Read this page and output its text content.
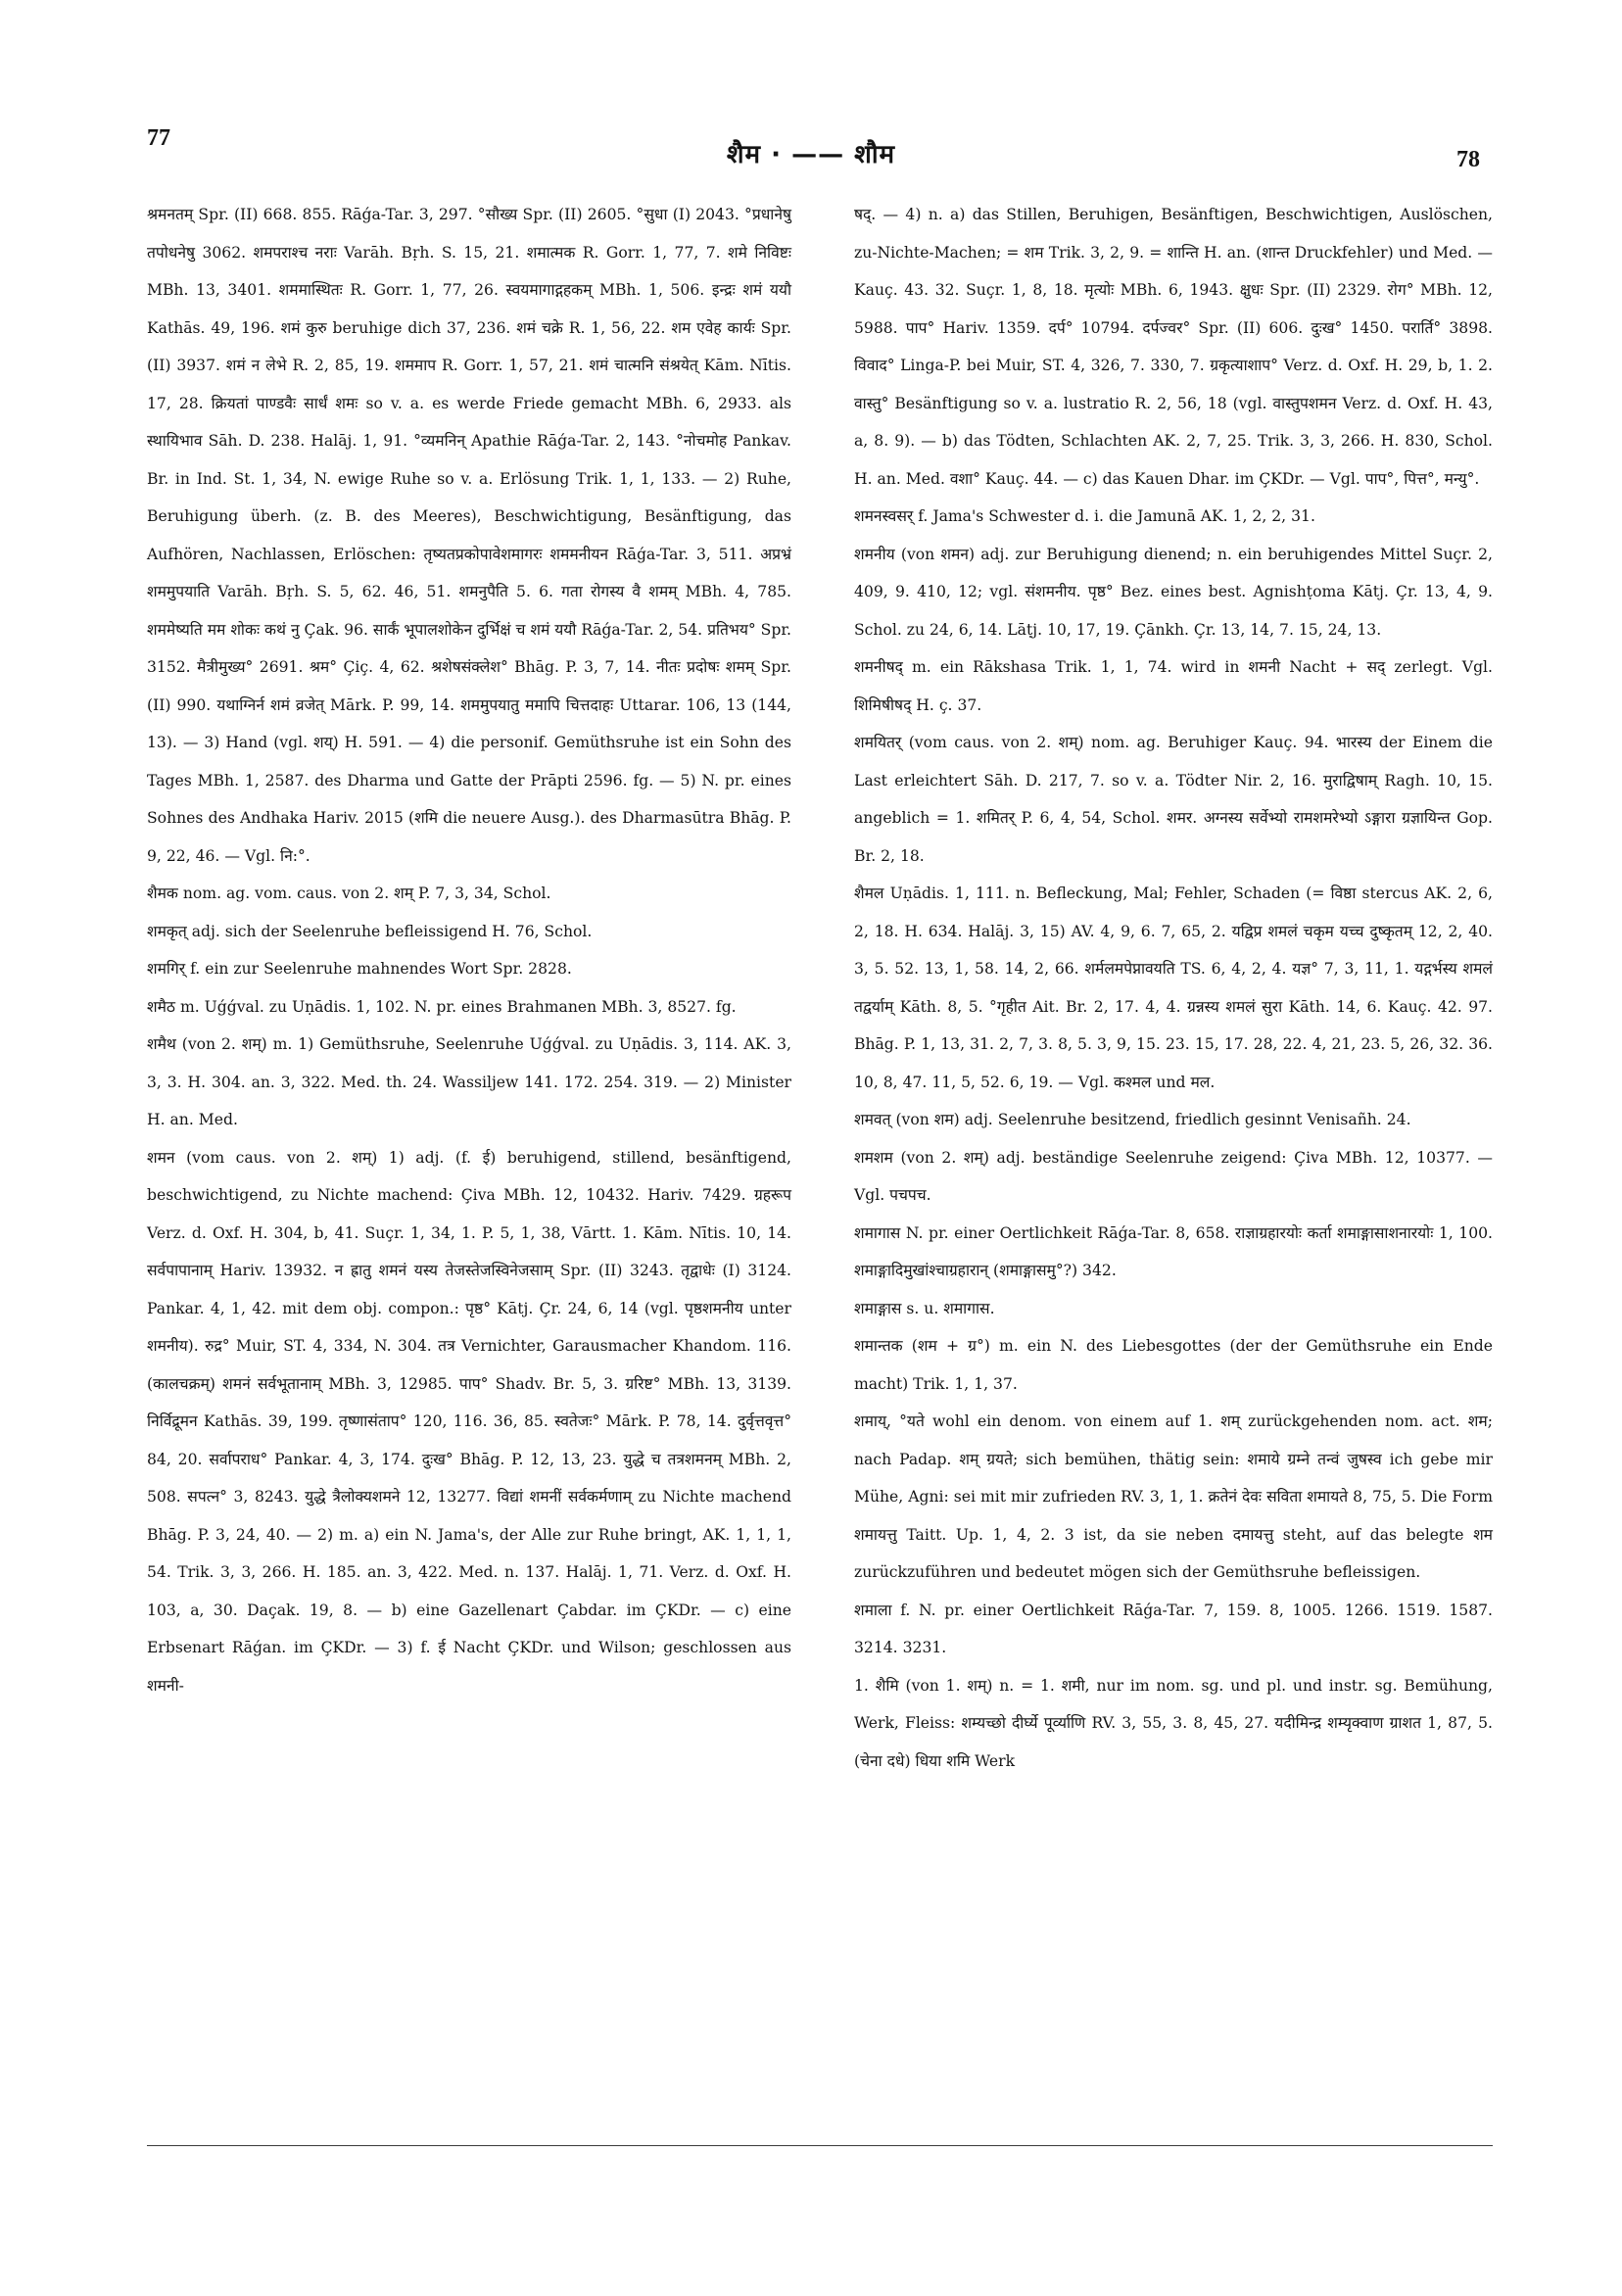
77
शैम · —— शौम	78

श्रमनतम् Spr. (II) 668. 855. Rāǵa-Tar. 3, 297. °सौख्य Spr. (II) 2605. °सुधा (I) 2043. °प्रधानेषु तपोधनेषु 3062. शमपराश्च नराः Varāh. Bṛh. S. 15, 21. शमात्मक R. Gorr. 1, 77, 7. शमे निविष्टः MBh. 13, 3401. शममास्थितः R. Gorr. 1, 77, 26. स्वयमागाद्गहकम् MBh. 1, 506. इन्द्रः शमं ययौ Kathās. 49, 196. शमं कुरु beruhige dich 37, 236. शमं चक्रे R. 1, 56, 22. शम एवेह कार्यः Spr. (II) 3937. शमं न लेभे R. 2, 85, 19. शममाप R. Gorr. 1, 57, 21. शमं चात्मनि संश्रयेत् Kām. Nītis. 17, 28. क्रियतां पाण्डवैः सार्धं शमः so v. a. es werde Friede gemacht MBh. 6, 2933. als स्थायिभाव Sāh. D. 238. Halāj. 1, 91. °व्यमनिन् Apathie Rāǵa-Tar. 2, 143. °नोचमोह Pankav. Br. in Ind. St. 1, 34, N. ewige Ruhe so v. a. Erlösung Trik. 1, 1, 133. — 2) Ruhe, Beruhigung überh. (z. B. des Meeres), Beschwichtigung, Besänftigung, das Aufhören, Nachlassen, Erlöschen: तृष्यतप्रकोपावेशमागरः शममनीयन Rāǵa-Tar. 3, 511. अप्रभ्रं शममुपयाति Varāh. Bṛh. S. 5, 62. 46, 51. शमनुपैति 5. 6. गता रोगस्य वै शमम् MBh. 4, 785. शममेष्यति मम शोकः कथं नु Çak. 96. सार्कं भूपालशोकेन दुर्भिक्षं च शमं ययौ Rāǵa-Tar. 2, 54. प्रतिभय° Spr. 3152. मैत्रीमुख्य° 2691. श्रम° Çiç. 4, 62. श्रशेषसंक्लेश° Bhāg. P. 3, 7, 14. नीतः प्रदोषः शमम् Spr. (II) 990. यथाग्निर्न शमं व्रजेत् Mārk. P. 99, 14. शममुपयातु ममापि चित्तदाहः Uttarar. 106, 13 (144, 13). — 3) Hand (vgl. शय्) H. 591. — 4) die personif. Gemüthsruhe ist ein Sohn des Tages MBh. 1, 2587. des Dharma und Gatte der Prāpti 2596. fg. — 5) N. pr. eines Sohnes des Andhaka Hariv. 2015 (शमि die neuere Ausg.). des Dharmasūtra Bhāg. P. 9, 22, 46. — Vgl. नि:°.

शैमक nom. ag. vom. caus. von 2. शम् P. 7, 3, 34, Schol.

शमकृत् adj. sich der Seelenruhe befleissigend H. 76, Schol.

शमगिर् f. ein zur Seelenruhe mahnendes Wort Spr. 2828.

शमैठ m. Uǵǵval. zu Uṇādis. 1, 102. N. pr. eines Brahmanen MBh. 3, 8527. fg.

शमैथ (von 2. शम्) m. 1) Gemüthsruhe, Seelenruhe Uǵǵval. zu Uṇādis. 3, 114. AK. 3, 3, 3. H. 304. an. 3, 322. Med. th. 24. Wassiljew 141. 172. 254. 319. — 2) Minister H. an. Med.

शमन (vom caus. von 2. शम्) 1) adj. (f. ई) beruhigend, stillend, besänftigend, beschwichtigend, zu Nichte machend: Çiva MBh. 12, 10432. Hariv. 7429. ग्रहरूप Verz. d. Oxf. H. 304, b, 41. Suçr. 1, 34, 1. P. 5, 1, 38, Vārtt. 1. Kām. Nītis. 10, 14. सर्वपापानाम् Hariv. 13932. न ह्रातु शमनं यस्य तेजस्तेजस्विनेजसाम् Spr. (II) 3243. तृद्वाधेः (I) 3124. Pankar. 4, 1, 42. mit dem obj. compon.: पृष्ठ° Kātj. Çr. 24, 6, 14 (vgl. पृष्ठशमनीय unter शमनीय). रुद्र° Muir, ST. 4, 334, N. 304. तत्र Vernichter, Garausmacher Khandom. 116. (कालचक्रम्) शमनं सर्वभूतानाम् MBh. 3, 12985. पाप° Shadv. Br. 5, 3. ग्ररिष्ट° MBh. 13, 3139. निर्विद्रूमन Kathās. 39, 199. तृष्णासंताप° 120, 116. 36, 85. स्वतेजः° Mārk. P. 78, 14. दुर्वृत्तवृत्त° 84, 20. सर्वापराध° Pankar. 4, 3, 174. दुःख° Bhāg. P. 12, 13, 23. युद्धे च तत्रशमनम् MBh. 2, 508. सपत्न° 3, 8243. युद्धे त्रैलोक्यशमने 12, 13277. विद्यां शमनीं सर्वकर्मणाम् zu Nichte machend Bhāg. P. 3, 24, 40. — 2) m. a) ein N. Jama's, der Alle zur Ruhe bringt, AK. 1, 1, 1, 54. Trik. 3, 3, 266. H. 185. an. 3, 422. Med. n. 137. Halāj. 1, 71. Verz. d. Oxf. H. 103, a, 30. Daçak. 19, 8. — b) eine Gazellenart Çabdar. im ÇKDr. — c) eine Erbsenart Rāǵan. im ÇKDr. — 3) f. ई Nacht ÇKDr. und Wilson; geschlossen aus शमनी-

षद्. — 4) n. a) das Stillen, Beruhigen, Besänftigen, Beschwichtigen, Auslöschen, zu-Nichte-Machen; = शम Trik. 3, 2, 9. = शान्ति H. an. (शान्त Druckfehler) und Med. — Kauç. 43. 32. Suçr. 1, 8, 18. मृत्योः MBh. 6, 1943. क्षुधः Spr. (II) 2329. रोग° MBh. 12, 5988. पाप° Hariv. 1359. दर्प° 10794. दर्पज्वर° Spr. (II) 606. दुःख° 1450. परार्ति° 3898. विवाद° Linga-P. bei Muir, ST. 4, 326, 7. 330, 7. ग्रकृत्याशाप° Verz. d. Oxf. H. 29, b, 1. 2. वास्तु° Besänftigung so v. a. lustratio R. 2, 56, 18 (vgl. वास्तुपशमन Verz. d. Oxf. H. 43, a, 8. 9). — b) das Tödten, Schlachten AK. 2, 7, 25. Trik. 3, 3, 266. H. 830, Schol. H. an. Med. वशा° Kauç. 44. — c) das Kauen Dhar. im ÇKDr. — Vgl. पाप°, पित्त°, मन्यु°.

शमनस्वसर् f. Jama's Schwester d. i. die Jamunā AK. 1, 2, 2, 31.

शमनीय (von शमन) adj. zur Beruhigung dienend; n. ein beruhigendes Mittel Suçr. 2, 409, 9. 410, 12; vgl. संशमनीय. पृष्ठ° Bez. eines best. Agnishṭoma Kātj. Çr. 13, 4, 9. Schol. zu 24, 6, 14. Lāṭj. 10, 17, 19. Çānkh. Çr. 13, 14, 7. 15, 24, 13.

शमनीषद् m. ein Rākshasa Trik. 1, 1, 74. wird in शमनी Nacht + सद् zerlegt. Vgl. शिमिषीषद् H. ç. 37.

शमयितर् (vom caus. von 2. शम्) nom. ag. Beruhiger Kauç. 94. भारस्य der Einem die Last erleichtert Sāh. D. 217, 7. so v. a. Tödter Nir. 2, 16. मुराद्विषाम् Ragh. 10, 15. angeblich = 1. शमितर् P. 6, 4, 54, Schol. शमर. अग्नस्य सर्वेभ्यो रामशमरेभ्यो ऽङ्गारा ग्रज्ञायिन्त Gop. Br. 2, 18.

शैमल Uṇādis. 1, 111. n. Befleckung, Mal; Fehler, Schaden (= विष्ठा stercus AK. 2, 6, 2, 18. H. 634. Halāj. 3, 15) AV. 4, 9, 6. 7, 65, 2. यद्विप्र शमलं चकृम यच्च दुष्कृतम् 12, 2, 40. 3, 5. 52. 13, 1, 58. 14, 2, 66. शर्मलमपेप्नावयति TS. 6, 4, 2, 4. यज्ञ° 7, 3, 11, 1. यद्गर्भस्य शमलं तद्वर्याम् Kāth. 8, 5. °गृहीत Ait. Br. 2, 17. 4, 4. ग्रन्नस्य शमलं सुरा Kāth. 14, 6. Kauç. 42. 97. Bhāg. P. 1, 13, 31. 2, 7, 3. 8, 5. 3, 9, 15. 23. 15, 17. 28, 22. 4, 21, 23. 5, 26, 32. 36. 10, 8, 47. 11, 5, 52. 6, 19. — Vgl. कश्मल und मल.

शमवत् (von शम) adj. Seelenruhe besitzend, friedlich gesinnt Venisañh. 24.

शमशम (von 2. शम्) adj. beständige Seelenruhe zeigend: Çiva MBh. 12, 10377. — Vgl. पचपच.

शमागास N. pr. einer Oertlichkeit Rāǵa-Tar. 8, 658. राज्ञाग्रहारयोः कर्ता शमाङ्गासाशनारयोः 1, 100. शमाङ्गादिमुखांश्चाग्रहारान् (शमाङ्गासमु°?) 342.

शमाङ्गास s. u. शमागास.

शमान्तक (शम + ग्र°) m. ein N. des Liebesgottes (der der Gemüthsruhe ein Ende macht) Trik. 1, 1, 37.

शमाय्, °यते wohl ein denom. von einem auf 1. शम् zurückgehenden nom. act. शम; nach Padap. शम् ग्रयते; sich bemühen, thätig sein: शमाये ग्रम्ने तन्वं जुषस्व ich gebe mir Mühe, Agni: sei mit mir zufrieden RV. 3, 1, 1. क्रतेनं देवः सविता शमायते 8, 75, 5. Die Form शमायत्तु Taitt. Up. 1, 4, 2. 3 ist, da sie neben दमायत्तु steht, auf das belegte शम zurückzuführen und bedeutet mögen sich der Gemüthsruhe befleissigen.

शमाला f. N. pr. einer Oertlichkeit Rāǵa-Tar. 7, 159. 8, 1005. 1266. 1519. 1587. 3214. 3231.

1. शैमि (von 1. शम्) n. = 1. शमी, nur im nom. sg. und pl. und instr. sg. Bemühung, Werk, Fleiss: शम्यच्छो दीर्घ्ये पूर्व्याणि RV. 3, 55, 3. 8, 45, 27. यदीमिन्द्र शम्यृक्वाण ग्राशत 1, 87, 5. (चेना दधे) धिया शमि Werk
